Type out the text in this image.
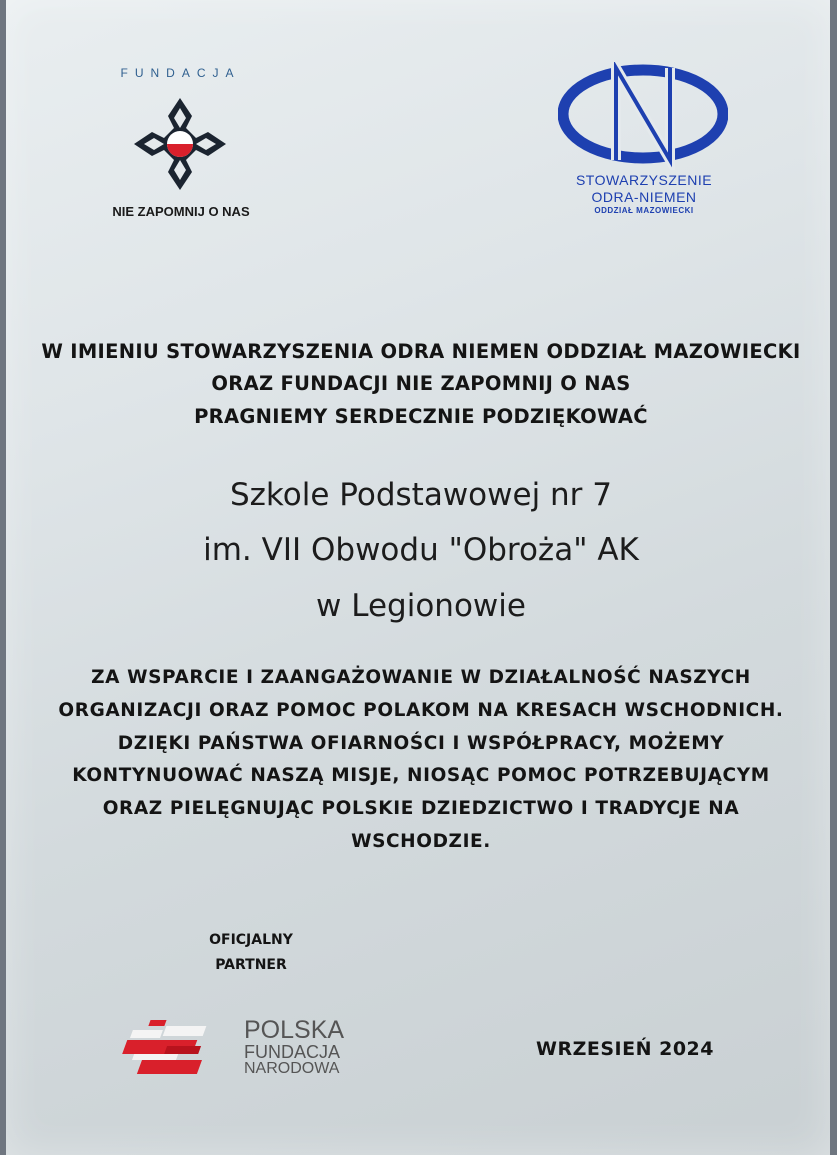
FUNDACJA
NIE ZAPOMNIJ O NAS
STOWARZYSZENIE
ODRA-NIEMEN
ODDZIAŁ MAZOWIECKI
W IMIENIU STOWARZYSZENIA ODRA NIEMEN ODDZIAŁ MAZOWIECKI
ORAZ FUNDACJI NIE ZAPOMNIJ O NAS
PRAGNIEMY SERDECZNIE PODZIĘKOWAĆ
Szkole Podstawowej nr 7
im. VII Obwodu "Obroża" AK
w Legionowie
ZA WSPARCIE I ZAANGAŻOWANIE W DZIAŁALNOŚĆ NASZYCH
ORGANIZACJI ORAZ POMOC POLAKOM NA KRESACH WSCHODNICH.
DZIĘKI PAŃSTWA OFIARNOŚCI I WSPÓŁPRACY, MOŻEMY
KONTYNUOWAĆ NASZĄ MISJE, NIOSĄC POMOC POTRZEBUJĄCYM
ORAZ PIELĘGNUJĄC POLSKIE DZIEDZICTWO I TRADYCJE NA
WSCHODZIE.
OFICJALNY
PARTNER
POLSKA
FUNDACJA
NARODOWA
WRZESIEŃ 2024
